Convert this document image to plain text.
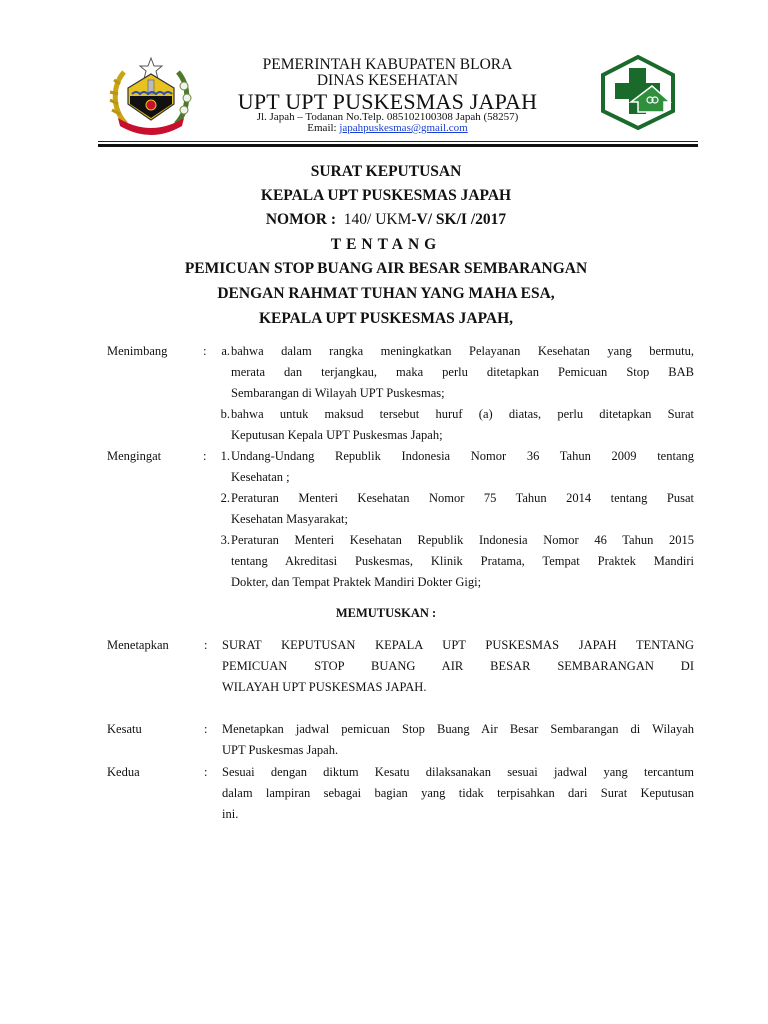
PEMERINTAH KABUPATEN BLORA
DINAS KESEHATAN
UPT UPT PUSKESMAS JAPAH
Jl. Japah – Todanan No.Telp. 085102100308 Japah (58257)
Email: japahpuskesmas@gmail.com
SURAT KEPUTUSAN
KEPALA UPT PUSKESMAS JAPAH
NOMOR : 140/ UKM-V/ SK/I /2017
TENTANG
PEMICUAN STOP BUANG AIR BESAR SEMBARANGAN
DENGAN RAHMAT TUHAN YANG MAHA ESA,
KEPALA UPT PUSKESMAS JAPAH,
Menimbang	: a. bahwa dalam rangka meningkatkan Pelayanan Kesehatan yang bermutu,
merata dan terjangkau, maka perlu ditetapkan Pemicuan Stop BAB
Sembarangan di Wilayah UPT Puskesmas;
b. bahwa untuk maksud tersebut huruf (a) diatas, perlu ditetapkan Surat
Keputusan Kepala UPT Puskesmas Japah;
Mengingat	: 1. Undang-Undang Republik Indonesia Nomor 36 Tahun 2009 tentang
Kesehatan ;
2. Peraturan Menteri Kesehatan Nomor 75 Tahun 2014 tentang Pusat
Kesehatan Masyarakat;
3. Peraturan Menteri Kesehatan Republik Indonesia Nomor 46 Tahun 2015
tentang Akreditasi Puskesmas, Klinik Pratama, Tempat Praktek Mandiri
Dokter, dan Tempat Praktek Mandiri Dokter Gigi;
MEMUTUSKAN :
Menetapkan	: SURAT KEPUTUSAN KEPALA UPT PUSKESMAS JAPAH TENTANG
PEMICUAN STOP BUANG AIR BESAR SEMBARANGAN DI
WILAYAH UPT PUSKESMAS JAPAH.
Kesatu	: Menetapkan jadwal pemicuan Stop Buang Air Besar Sembarangan di Wilayah
UPT Puskesmas Japah.
Kedua	: Sesuai dengan diktum Kesatu dilaksanakan sesuai jadwal yang tercantum
dalam lampiran sebagai bagian yang tidak terpisahkan dari Surat Keputusan
ini.
